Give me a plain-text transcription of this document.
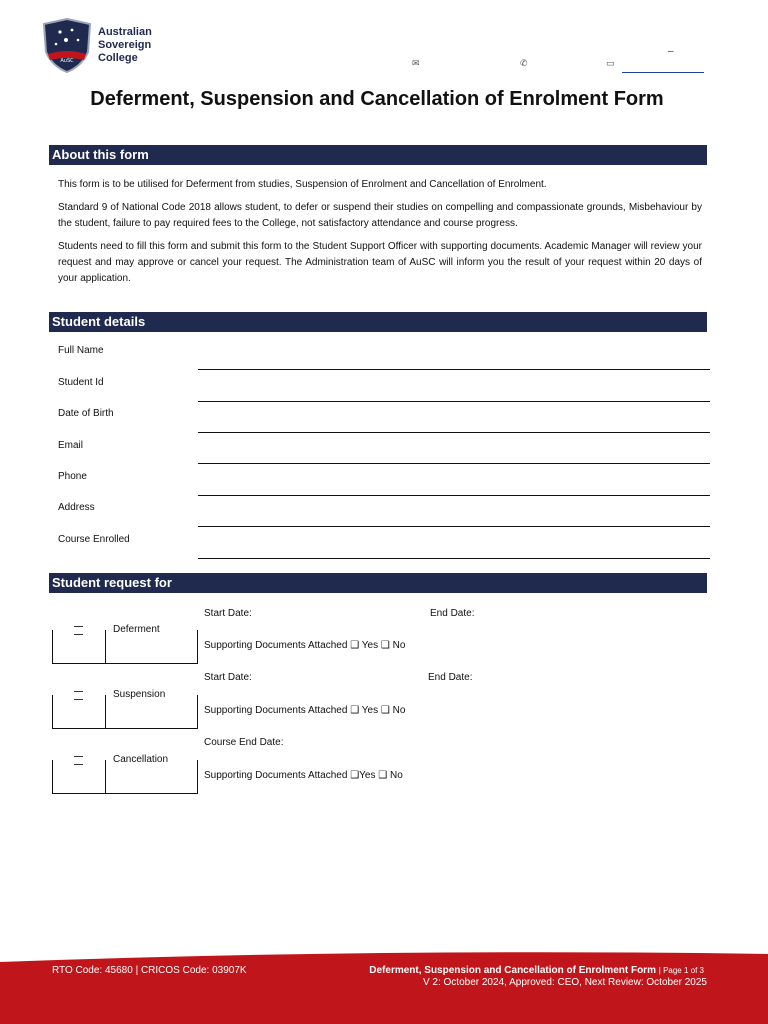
AuSC
Australian
Sovereign
College
–
✉	✆	▭
Deferment, Suspension and Cancellation of Enrolment Form
About this form

This form is to be utilised for Deferment from studies, Suspension of Enrolment and Cancellation of Enrolment.

Standard 9 of National Code 2018 allows student, to defer or suspend their studies on compelling and compassionate grounds, Misbehaviour by the student, failure to pay required fees to the College, not satisfactory attendance and course progress.

Students need to fill this form and submit this form to the Student Support Officer with supporting documents. Academic Manager will review your request and may approve or cancel your request. The Administration team of AuSC will inform you the result of your request within 20 days of your application.

Student details
Full Name
Student Id
Date of Birth
Email
Phone
Address
Course Enrolled
Student request for
Deferment
Start Date:	End Date:
Supporting Documents Attached ❑ Yes ❑ No
Suspension
Start Date:	End Date:
Supporting Documents Attached ❑ Yes ❑ No
Cancellation
Course End Date:
Supporting Documents Attached ❑Yes ❑ No
RTO Code: 45680 | CRICOS Code: 03907K	Deferment, Suspension and Cancellation of Enrolment Form | Page 1 of 3
V 2: October 2024, Approved: CEO, Next Review: October 2025
